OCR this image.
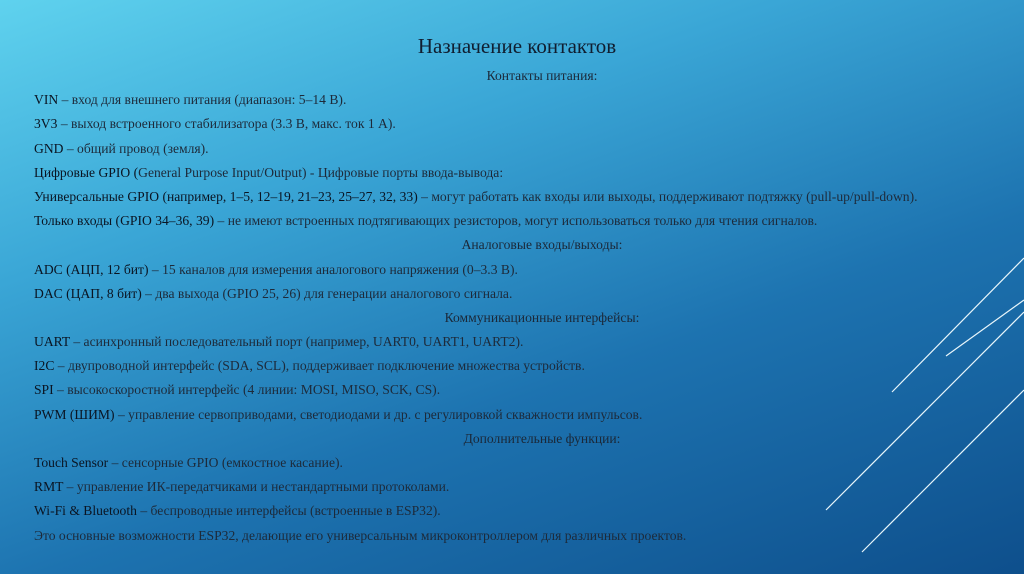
Назначение контактов
Контакты питания:
VIN – вход для внешнего питания (диапазон: 5–14 В).
3V3 – выход встроенного стабилизатора (3.3 В, макс. ток 1 А).
GND – общий провод (земля).
Цифровые GPIO (General Purpose Input/Output) - Цифровые порты ввода-вывода:
Универсальные GPIO (например, 1–5, 12–19, 21–23, 25–27, 32, 33) – могут работать как входы или выходы, поддерживают подтяжку (pull-up/pull-down).
Только входы (GPIO 34–36, 39) – не имеют встроенных подтягивающих резисторов, могут использоваться только для чтения сигналов.
Аналоговые входы/выходы:
ADC (АЦП, 12 бит) – 15 каналов для измерения аналогового напряжения (0–3.3 В).
DAC (ЦАП, 8 бит) – два выхода (GPIO 25, 26) для генерации аналогового сигнала.
Коммуникационные интерфейсы:
UART – асинхронный последовательный порт (например, UART0, UART1, UART2).
I2C – двупроводной интерфейс (SDA, SCL), поддерживает подключение множества устройств.
SPI – высокоскоростной интерфейс (4 линии: MOSI, MISO, SCK, CS).
PWM (ШИМ) – управление сервоприводами, светодиодами и др. с регулировкой скважности импульсов.
Дополнительные функции:
Touch Sensor – сенсорные GPIO (емкостное касание).
RMT – управление ИК-передатчиками и нестандартными протоколами.
Wi-Fi & Bluetooth – беспроводные интерфейсы (встроенные в ESP32).
Это основные возможности ESP32, делающие его универсальным микроконтроллером для различных проектов.
